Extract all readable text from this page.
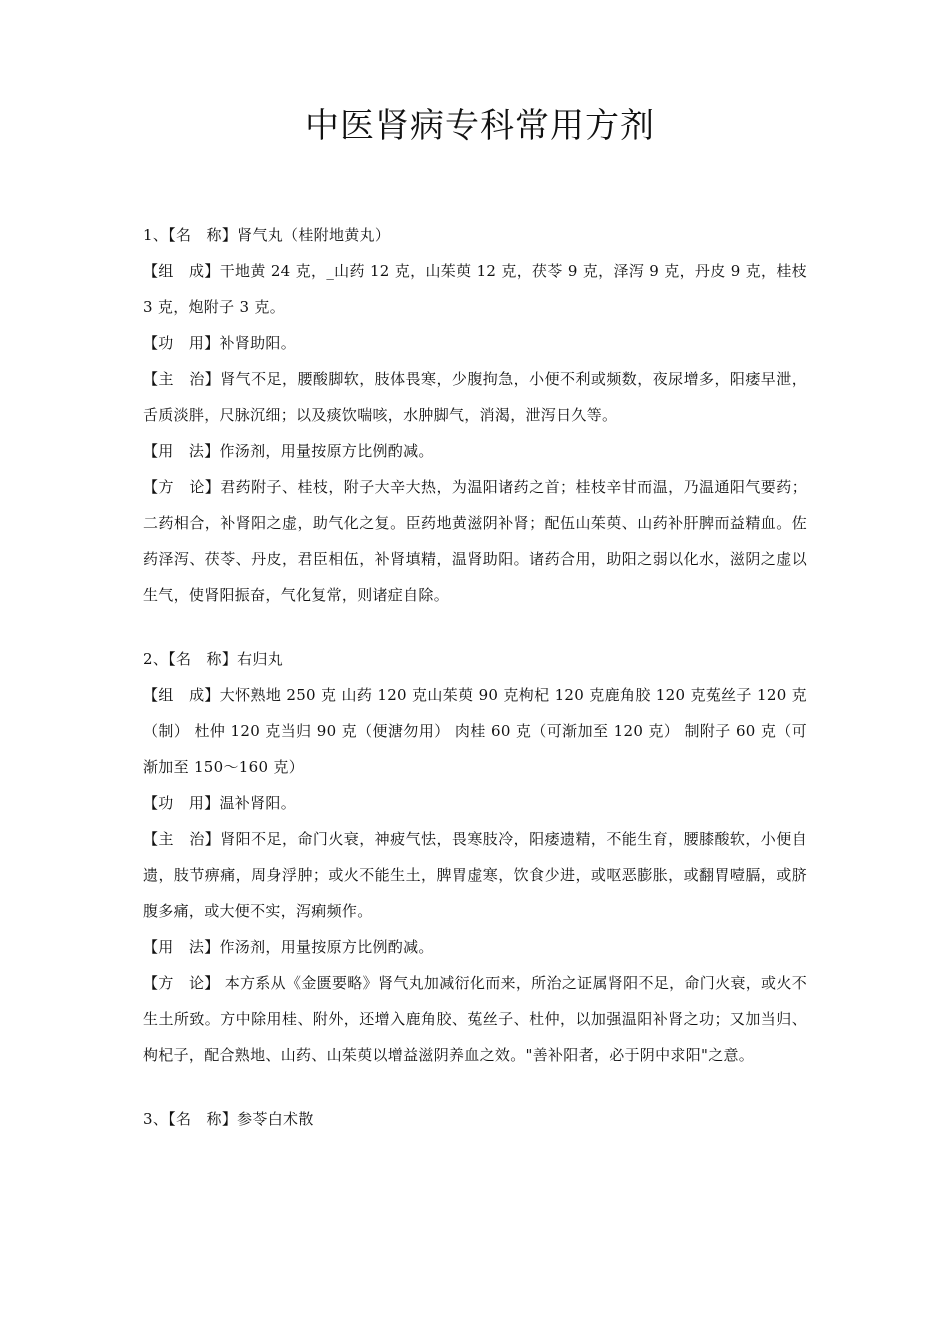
中医肾病专科常用方剂

1、【名　称】肾气丸（桂附地黄丸）

【组　成】干地黄 24 克，_山药 12 克，山茱萸 12 克，茯苓 9 克，泽泻 9 克，丹皮 9 克，桂枝 3 克，炮附子 3 克。

【功　用】补肾助阳。

【主　治】肾气不足，腰酸脚软，肢体畏寒，少腹拘急，小便不利或频数，夜尿增多，阳痿早泄，舌质淡胖，尺脉沉细；以及痰饮喘咳，水肿脚气，消渴，泄泻日久等。

【用　法】作汤剂，用量按原方比例酌减。

【方　论】君药附子、桂枝，附子大辛大热，为温阳诸药之首；桂枝辛甘而温，乃温通阳气要药；二药相合，补肾阳之虚，助气化之复。臣药地黄滋阴补肾；配伍山茱萸、山药补肝脾而益精血。佐药泽泻、茯苓、丹皮，君臣相伍，补肾填精，温肾助阳。诸药合用，助阳之弱以化水，滋阴之虚以生气，使肾阳振奋，气化复常，则诸症自除。

2、【名　称】右归丸

【组　成】大怀熟地 250 克 山药 120 克山茱萸 90 克枸杞 120 克鹿角胶 120 克菟丝子 120 克（制） 杜仲 120 克当归 90 克（便溏勿用） 肉桂 60 克（可渐加至 120 克） 制附子 60 克（可渐加至 150～160 克）

【功　用】温补肾阳。

【主　治】肾阳不足，命门火衰，神疲气怯，畏寒肢冷，阳痿遗精，不能生育，腰膝酸软，小便自遗，肢节痹痛，周身浮肿；或火不能生土，脾胃虚寒，饮食少进，或呕恶膨胀，或翻胃噎膈，或脐腹多痛，或大便不实，泻痢频作。

【用　法】作汤剂，用量按原方比例酌减。

【方　论】 本方系从《金匮要略》肾气丸加减衍化而来，所治之证属肾阳不足，命门火衰，或火不生土所致。方中除用桂、附外，还增入鹿角胶、菟丝子、杜仲，以加强温阳补肾之功；又加当归、枸杞子，配合熟地、山药、山茱萸以增益滋阴养血之效。"善补阳者，必于阴中求阳"之意。

3、【名　称】参苓白术散
